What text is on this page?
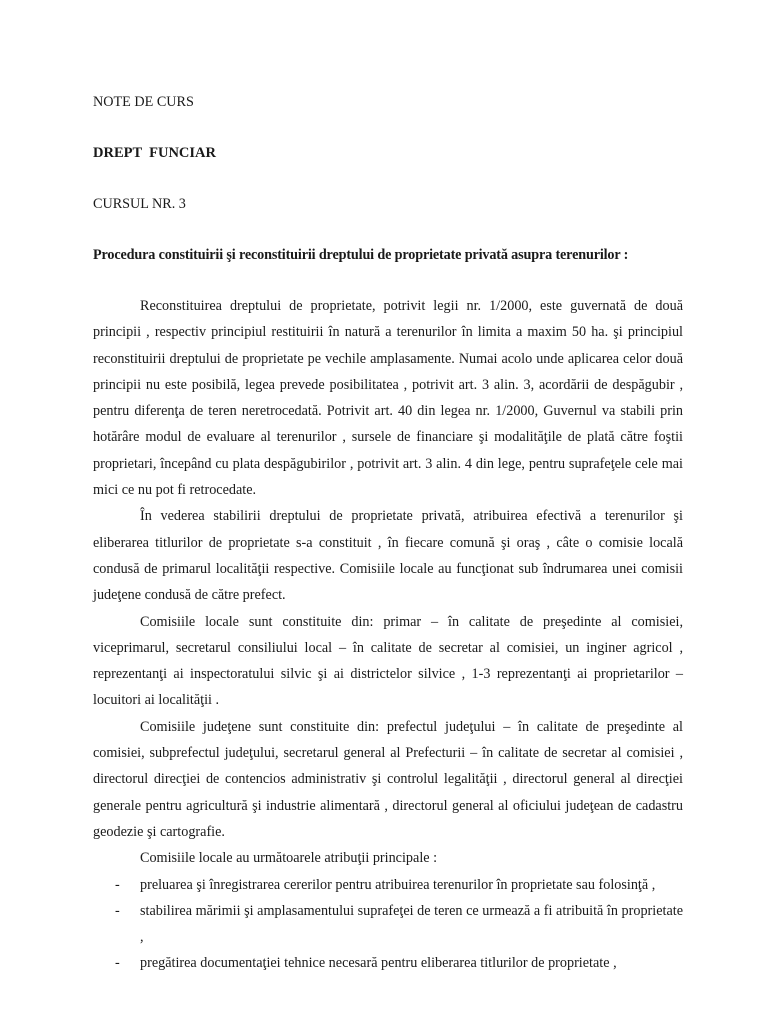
NOTE DE CURS

DREPT  FUNCIAR

CURSUL NR. 3

Procedura constituirii şi reconstituirii dreptului de proprietate privată asupra terenurilor :

Reconstituirea dreptului de proprietate, potrivit legii nr. 1/2000, este guvernată de două principii , respectiv principiul restituirii în natură a terenurilor în limita a maxim 50 ha. şi principiul reconstituirii dreptului de proprietate pe vechile amplasamente. Numai acolo unde aplicarea celor două principii nu este posibilă, legea prevede posibilitatea , potrivit art. 3 alin. 3, acordării de despăgubir , pentru diferenţa de teren neretrocedată. Potrivit art. 40 din legea nr. 1/2000, Guvernul va stabili prin hotărâre modul de evaluare al terenurilor , sursele de financiare şi modalităţile de plată către foştii proprietari, începând cu plata despăgubirilor , potrivit art. 3 alin. 4 din lege, pentru suprafeţele cele mai mici ce nu pot fi retrocedate.

În vederea stabilirii dreptului de proprietate privată, atribuirea efectivă a terenurilor şi eliberarea titlurilor de proprietate s-a constituit , în fiecare comună şi oraş , câte o comisie locală condusă de primarul localităţii respective. Comisiile locale au funcţionat sub îndrumarea unei comisii judeţene condusă de către prefect.

Comisiile locale sunt constituite din: primar – în calitate de preşedinte al comisiei, viceprimarul, secretarul consiliului local – în calitate de secretar al comisiei, un inginer agricol , reprezentanţi ai inspectoratului silvic şi ai districtelor silvice , 1-3 reprezentanţi ai proprietarilor – locuitori ai localităţii .

Comisiile judeţene sunt constituite din: prefectul judeţului – în calitate de preşedinte al comisiei, subprefectul judeţului, secretarul general al Prefecturii – în calitate de secretar al comisiei , directorul direcţiei de contencios administrativ şi controlul legalităţii , directorul general al direcţiei generale pentru agricultură şi industrie alimentară , directorul general al oficiului judeţean de cadastru geodezie şi cartografie.

Comisiile locale au următoarele atribuţii principale :

- preluarea şi înregistrarea cererilor pentru atribuirea terenurilor în proprietate sau folosinţă ,
- stabilirea mărimii şi amplasamentului suprafeţei de teren ce urmează a fi atribuită în proprietate ,
- pregătirea documentaţiei tehnice necesară pentru eliberarea titlurilor de proprietate ,
